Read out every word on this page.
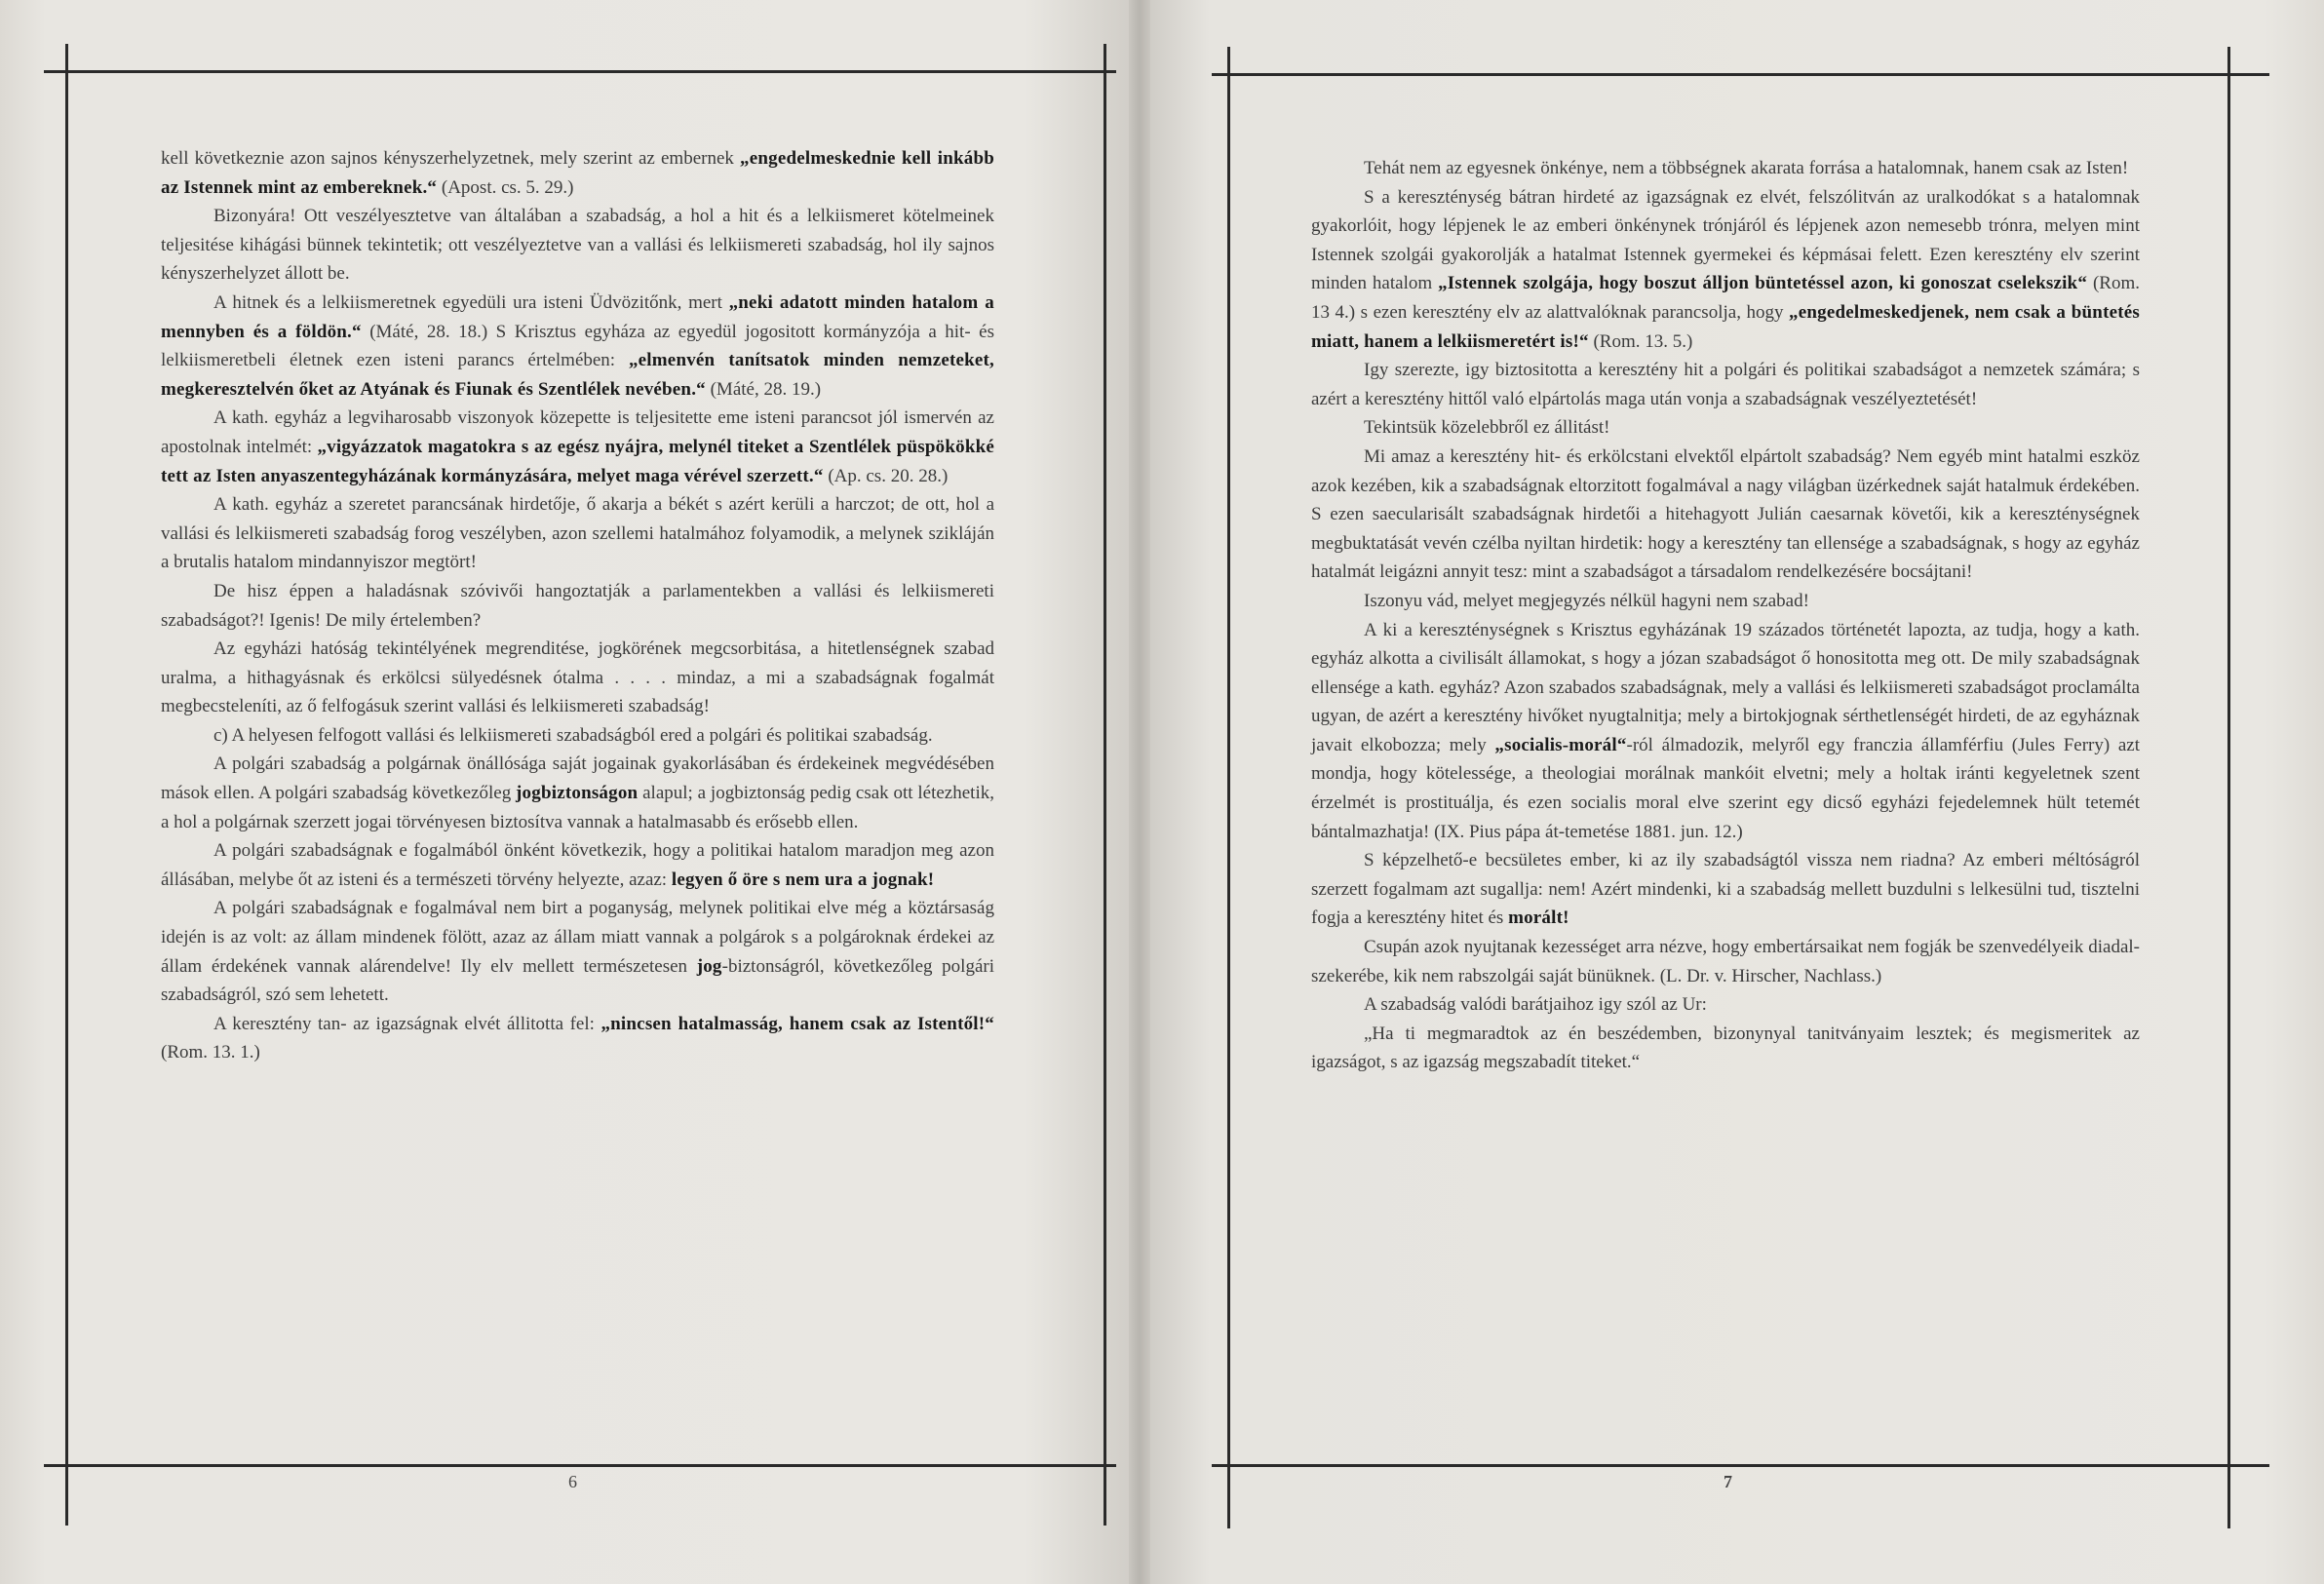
kell következnie azon sajnos kényszerhelyzetnek, mely szerint az embernek „engedelmeskednie kell inkább az Istennek mint az embereknek.“ (Apost. cs. 5. 29.)

Bizonyára! Ott veszélyesztetve van általában a szabadság, a hol a hit és a lelkiismeret kötelmeinek teljesitése kihágási bünnek tekintetik; ott veszélyeztetve van a vallási és lelkiismereti szabadság, hol ily sajnos kényszerhelyzet állott be.

A hitnek és a lelkiismeretnek egyedüli ura isteni Üdvözitőnk, mert „neki adatott minden hatalom a mennyben és a földön.“ (Máté, 28. 18.) S Krisztus egyháza az egyedül jogositott kormányzója a hit- és lelkiismeretbeli életnek ezen isteni parancs értelmében: „elmenvén tanítsatok minden nemzeteket, megkeresztelvén őket az Atyának és Fiunak és Szentlélek nevében.“ (Máté, 28. 19.)

A kath. egyház a legviharosabb viszonyok közepette is teljesitette eme isteni parancsot jól ismervén az apostolnak intelmét: „vigyázzatok magatokra s az egész nyájra, melynél titeket a Szentlélek püspökökké tett az Isten anyaszentegyházának kormányzására, melyet maga vérével szerzett.“ (Ap. cs. 20. 28.)

A kath. egyház a szeretet parancsának hirdetője, ő akarja a békét s azért kerüli a harczot; de ott, hol a vallási és lelkiismereti szabadság forog veszélyben, azon szellemi hatalmához folyamodik, a melynek szikláján a brutalis hatalom mindannyiszor megtört!

De hisz éppen a haladásnak szóvivői hangoztatják a parlamentekben a vallási és lelkiismereti szabadságot?! Igenis! De mily értelemben?

Az egyházi hatóság tekintélyének megrenditése, jogkörének megcsorbitása, a hitetlenségnek szabad uralma, a hithagyásnak és erkölcsi sülyedésnek ótalma . . . . mindaz, a mi a szabadságnak fogalmát megbecsteleníti, az ő felfogásuk szerint vallási és lelkiismereti szabadság!

c) A helyesen felfogott vallási és lelkiismereti szabadságból ered a polgári és politikai szabadság.

A polgári szabadság a polgárnak önállósága saját jogainak gyakorlásában és érdekeinek megvédésében mások ellen. A polgári szabadság következőleg jogbiztonságon alapul; a jogbiztonság pedig csak ott létezhetik, a hol a polgárnak szerzett jogai törvényesen biztosítva vannak a hatalmasabb és erősebb ellen.

A polgári szabadságnak e fogalmából önként következik, hogy a politikai hatalom maradjon meg azon állásában, melybe őt az isteni és a természeti törvény helyezte, azaz: legyen ő öre s nem ura a jognak!

A polgári szabadságnak e fogalmával nem birt a poganyság, melynek politikai elve még a köztársaság idején is az volt: az állam mindenek fölött, azaz az állam miatt vannak a polgárok s a polgároknak érdekei az állam érdekének vannak alárendelve! Ily elv mellett természetesen jog-biztonságról, következőleg polgári szabadságról, szó sem lehetett.

A keresztény tan- az igazságnak elvét állitotta fel: „nincsen hatalmasság, hanem csak az Istentől!“ (Rom. 13. 1.)

6

Tehát nem az egyesnek önkénye, nem a többségnek akarata forrása a hatalomnak, hanem csak az Isten!

S a kereszténység bátran hirdeté az igazságnak ez elvét, felszólitván az uralkodókat s a hatalomnak gyakorlóit, hogy lépjenek le az emberi önkénynek trónjáról és lépjenek azon nemesebb trónra, melyen mint Istennek szolgái gyakorolják a hatalmat Istennek gyermekei és képmásai felett. Ezen keresztény elv szerint minden hatalom „Istennek szolgája, hogy boszut álljon büntetéssel azon, ki gonoszat cselekszik“ (Rom. 13 4.) s ezen keresztény elv az alattvalóknak parancsolja, hogy „engedelmeskedjenek, nem csak a büntetés miatt, hanem a lelkiismeretért is!“ (Rom. 13. 5.)

Igy szerezte, igy biztositotta a keresztény hit a polgári és politikai szabadságot a nemzetek számára; s azért a keresztény hittől való elpártolás maga után vonja a szabadságnak veszélyeztetését!

Tekintsük közelebbről ez állitást!

Mi amaz a keresztény hit- és erkölcstani elvektől elpártolt szabadság? Nem egyéb mint hatalmi eszköz azok kezében, kik a szabadságnak eltorzitott fogalmával a nagy világban üzérkednek saját hatalmuk érdekében. S ezen saecularisált szabadságnak hirdetői a hitehagyott Julián caesarnak követői, kik a kereszténységnek megbuktatását vevén czélba nyiltan hirdetik: hogy a keresztény tan ellensége a szabadságnak, s hogy az egyház hatalmát leigázni annyit tesz: mint a szabadságot a társadalom rendelkezésére bocsájtani!

Iszonyu vád, melyet megjegyzés nélkül hagyni nem szabad!

A ki a kereszténységnek s Krisztus egyházának 19 százados történetét lapozta, az tudja, hogy a kath. egyház alkotta a civilisált államokat, s hogy a józan szabadságot ő honositotta meg ott. De mily szabadságnak ellensége a kath. egyház? Azon szabados szabadságnak, mely a vallási és lelkiismereti szabadságot proclamálta ugyan, de azért a keresztény hivőket nyugtalnitja; mely a birtokjognak sérthetlenségét hirdeti, de az egyháznak javait elkobozza; mely „socialis-morál“-ról álmadozik, melyről egy franczia államférfiu (Jules Ferry) azt mondja, hogy kötelessége, a theologiai morálnak mankóit elvetni; mely a holtak iránti kegyeletnek szent érzelmét is prostituálja, és ezen socialis moral elve szerint egy dicső egyházi fejedelemnek hült tetemét bántalmazhatja! (IX. Pius pápa át-temetése 1881. jun. 12.)

S képzelhető-e becsületes ember, ki az ily szabadságtól vissza nem riadna? Az emberi méltóságról szerzett fogalmam azt sugallja: nem! Azért mindenki, ki a szabadság mellett buzdulni s lelkesülni tud, tisztelni fogja a keresztény hitet és morált!

Csupán azok nyujtanak kezességet arra nézve, hogy embertársaikat nem fogják be szenvedélyeik diadal-szekerébe, kik nem rabszolgái saját bünüknek. (L. Dr. v. Hirscher, Nachlass.)

A szabadság valódi barátjaihoz igy szól az Ur:

„Ha ti megmaradtok az én beszédemben, bizonynyal tanitványaim lesztek; és megismeritek az igazságot, s az igazság megszabadít titeket.“

7
